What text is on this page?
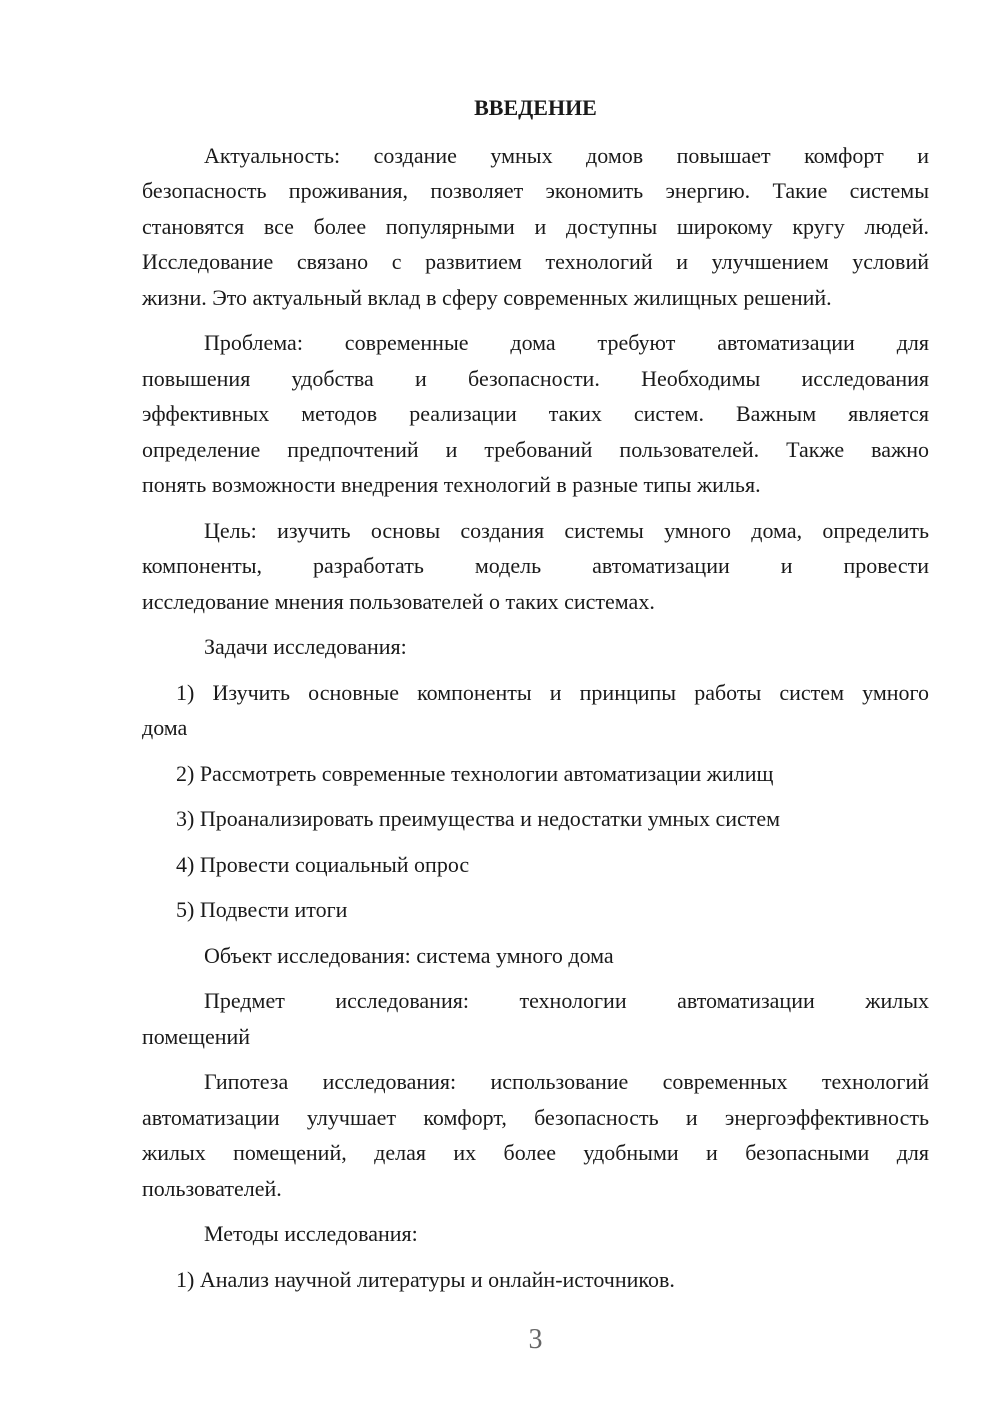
ВВЕДЕНИЕ

Актуальность: создание умных домов повышает комфорт и
безопасность проживания, позволяет экономить энергию. Такие системы
становятся все более популярными и доступны широкому кругу людей.
Исследование связано с развитием технологий и улучшением условий
жизни. Это актуальный вклад в сферу современных жилищных решений.

Проблема: современные дома требуют автоматизации для
повышения удобства и безопасности. Необходимы исследования
эффективных методов реализации таких систем. Важным является
определение предпочтений и требований пользователей. Также важно
понять возможности внедрения технологий в разные типы жилья.

Цель: изучить основы создания системы умного дома, определить
компоненты, разработать модель автоматизации и провести
исследование мнения пользователей о таких системах.

Задачи исследования:

1) Изучить основные компоненты и принципы работы систем умного
дома

2) Рассмотреть современные технологии автоматизации жилищ

3) Проанализировать преимущества и недостатки умных систем

4) Провести социальный опрос

5) Подвести итоги

Объект исследования: система умного дома

Предмет исследования: технологии автоматизации жилых
помещений

Гипотеза исследования: использование современных технологий
автоматизации улучшает комфорт, безопасность и энергоэффективность
жилых помещений, делая их более удобными и безопасными для
пользователей.

Методы исследования:

1) Анализ научной литературы и онлайн-источников.

3
